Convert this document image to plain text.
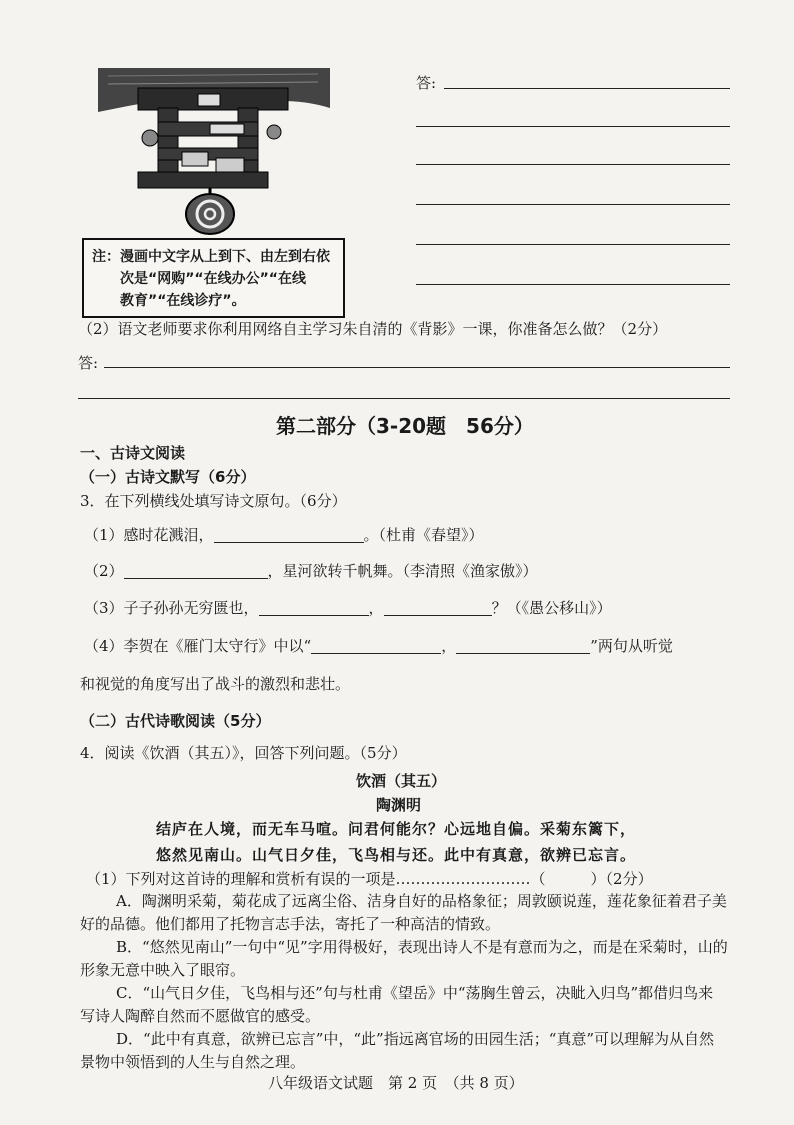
注：漫画中文字从上到下、由左到右依
次是“网购”“在线办公”“在线
教育”“在线诊疗”。
答:
（2）语文老师要求你利用网络自主学习朱自清的《背影》一课，你准备怎么做？（2分）
答:
第二部分（3-20题　56分）
一、古诗文阅读
（一）古诗文默写（6分）
3．在下列横线处填写诗文原句。（6分）
（1）感时花溅泪，	。（杜甫《春望》）
（2）	，星河欲转千帆舞。（李清照《渔家傲》）
（3）子子孙孙无穷匮也，	，	？（《愚公移山》）
（4）李贺在《雁门太守行》中以“	，	”两句从听觉
和视觉的角度写出了战斗的激烈和悲壮。
（二）古代诗歌阅读（5分）
4．阅读《饮酒（其五）》，回答下列问题。（5分）
饮酒（其五）
陶渊明
结庐在人境，而无车马喧。问君何能尔？心远地自偏。采菊东篱下，
悠然见南山。山气日夕佳，飞鸟相与还。此中有真意，欲辨已忘言。
（1）下列对这首诗的理解和赏析有误的一项是………………………（　　　）（2分）
A．陶渊明采菊，菊花成了远离尘俗、洁身自好的品格象征；周敦颐说莲，莲花象征着君子美好的品德。他们都用了托物言志手法，寄托了一种高洁的情致。
B．“悠然见南山”一句中“见”字用得极好，表现出诗人不是有意而为之，而是在采菊时，山的形象无意中映入了眼帘。
C．“山气日夕佳，飞鸟相与还”句与杜甫《望岳》中“荡胸生曾云，决眦入归鸟”都借归鸟来写诗人陶醉自然而不愿做官的感受。
D．“此中有真意，欲辨已忘言”中，“此”指远离官场的田园生活；“真意”可以理解为从自然景物中领悟到的人生与自然之理。
八年级语文试题　第 2 页　（共 8 页）
